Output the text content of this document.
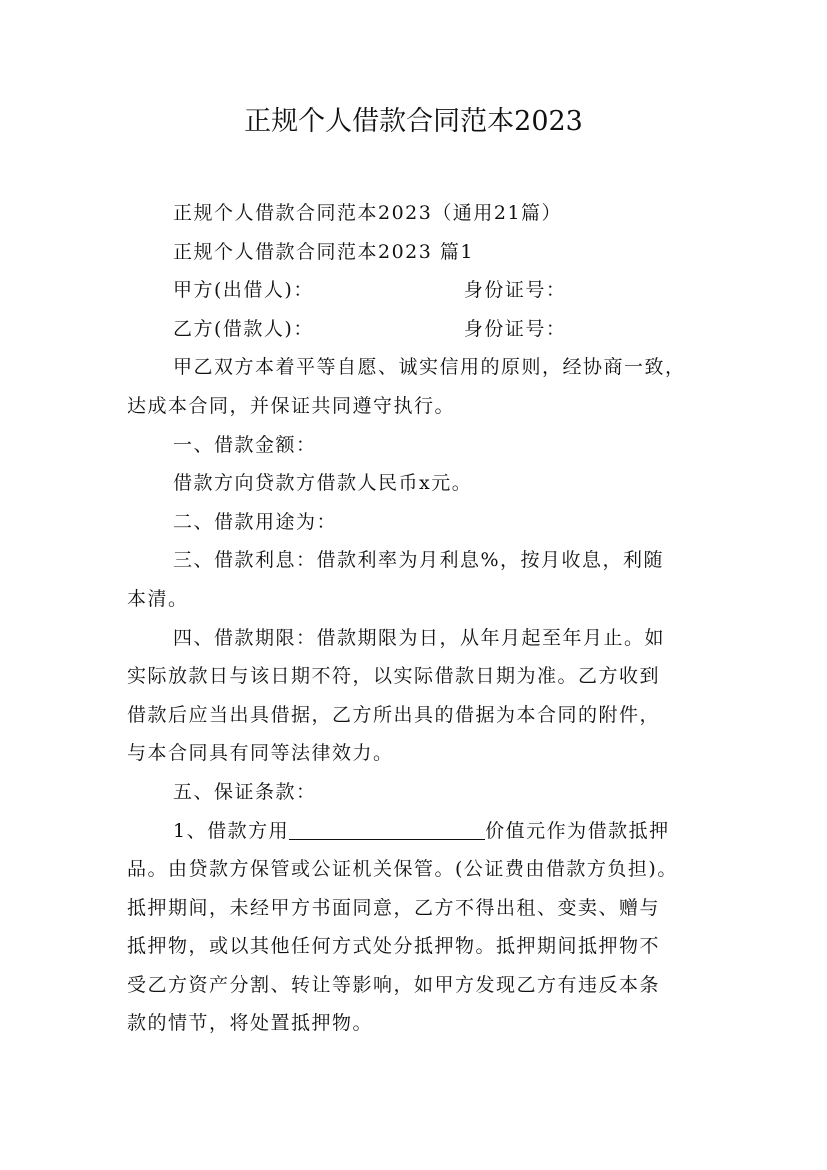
正规个人借款合同范本2023

正规个人借款合同范本2023（通用21篇）

正规个人借款合同范本2023 篇1

甲方(出借人)：	身份证号：

乙方(借款人)：	身份证号：

甲乙双方本着平等自愿、诚实信用的原则，经协商一致，

达成本合同，并保证共同遵守执行。

一、借款金额：

借款方向贷款方借款人民币x元。

二、借款用途为：

三、借款利息：借款利率为月利息%，按月收息，利随

本清。

四、借款期限：借款期限为日，从年月起至年月止。如

实际放款日与该日期不符，以实际借款日期为准。乙方收到

借款后应当出具借据，乙方所出具的借据为本合同的附件，

与本合同具有同等法律效力。

五、保证条款：

1、借款方用	价值元作为借款抵押

品。由贷款方保管或公证机关保管。(公证费由借款方负担)。

抵押期间，未经甲方书面同意，乙方不得出租、变卖、赠与

抵押物，或以其他任何方式处分抵押物。抵押期间抵押物不

受乙方资产分割、转让等影响，如甲方发现乙方有违反本条

款的情节，将处置抵押物。
